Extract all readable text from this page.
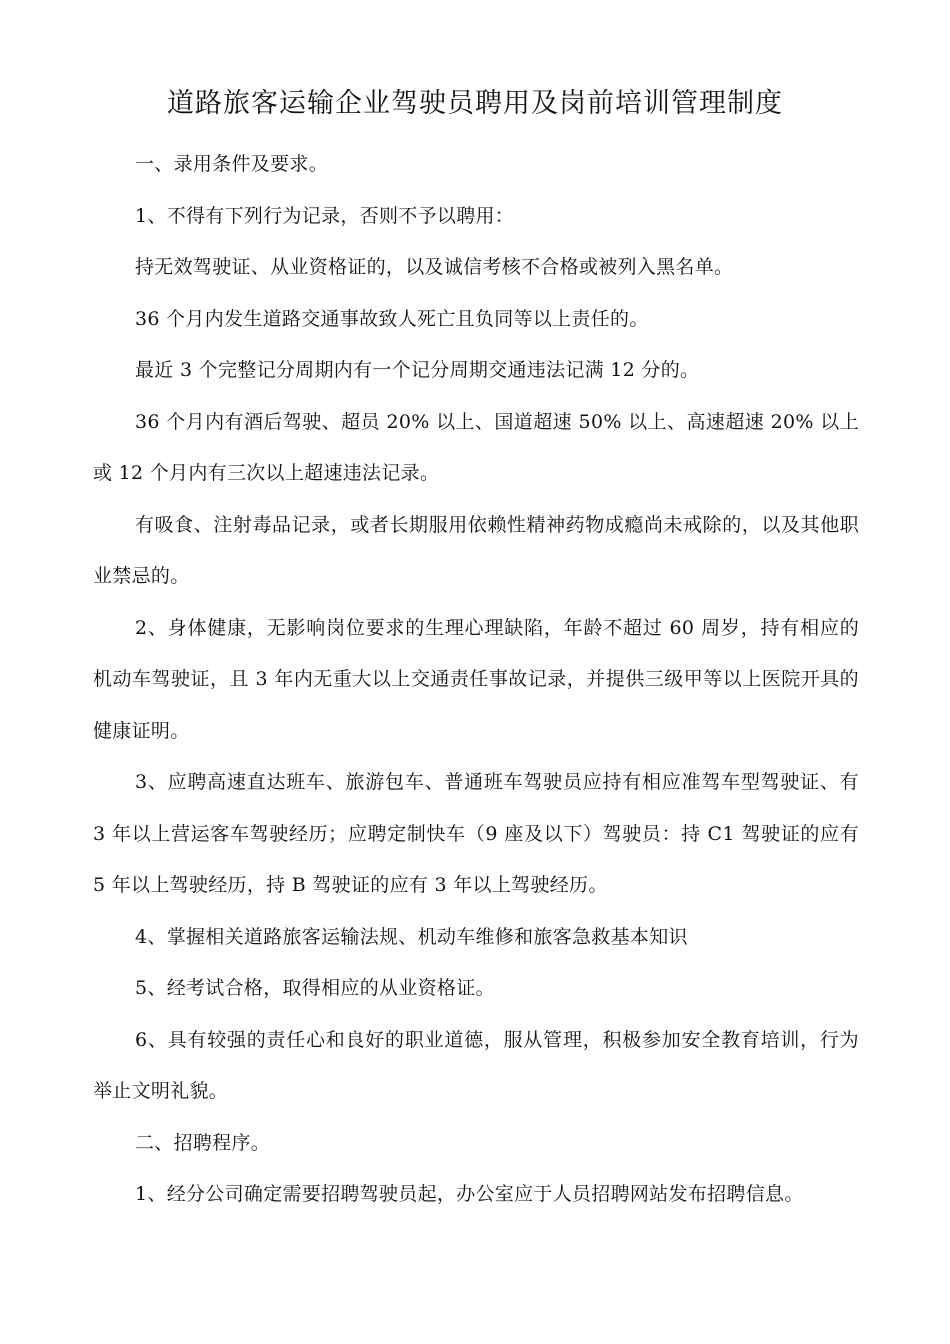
道路旅客运输企业驾驶员聘用及岗前培训管理制度

一、录用条件及要求。

1、不得有下列行为记录，否则不予以聘用：

持无效驾驶证、从业资格证的，以及诚信考核不合格或被列入黑名单。

36 个月内发生道路交通事故致人死亡且负同等以上责任的。

最近 3 个完整记分周期内有一个记分周期交通违法记满 12 分的。

36 个月内有酒后驾驶、超员 20% 以上、国道超速 50% 以上、高速超速 20% 以上或 12 个月内有三次以上超速违法记录。

有吸食、注射毒品记录，或者长期服用依赖性精神药物成瘾尚未戒除的，以及其他职业禁忌的。

2、身体健康，无影响岗位要求的生理心理缺陷，年龄不超过 60 周岁，持有相应的机动车驾驶证，且 3 年内无重大以上交通责任事故记录，并提供三级甲等以上医院开具的健康证明。

3、应聘高速直达班车、旅游包车、普通班车驾驶员应持有相应准驾车型驾驶证、有 3 年以上营运客车驾驶经历；应聘定制快车（9 座及以下）驾驶员：持 C1 驾驶证的应有 5 年以上驾驶经历，持 B 驾驶证的应有 3 年以上驾驶经历。

4、掌握相关道路旅客运输法规、机动车维修和旅客急救基本知识

5、经考试合格，取得相应的从业资格证。

6、具有较强的责任心和良好的职业道德，服从管理，积极参加安全教育培训，行为举止文明礼貌。

二、招聘程序。

1、经分公司确定需要招聘驾驶员起，办公室应于人员招聘网站发布招聘信息。
